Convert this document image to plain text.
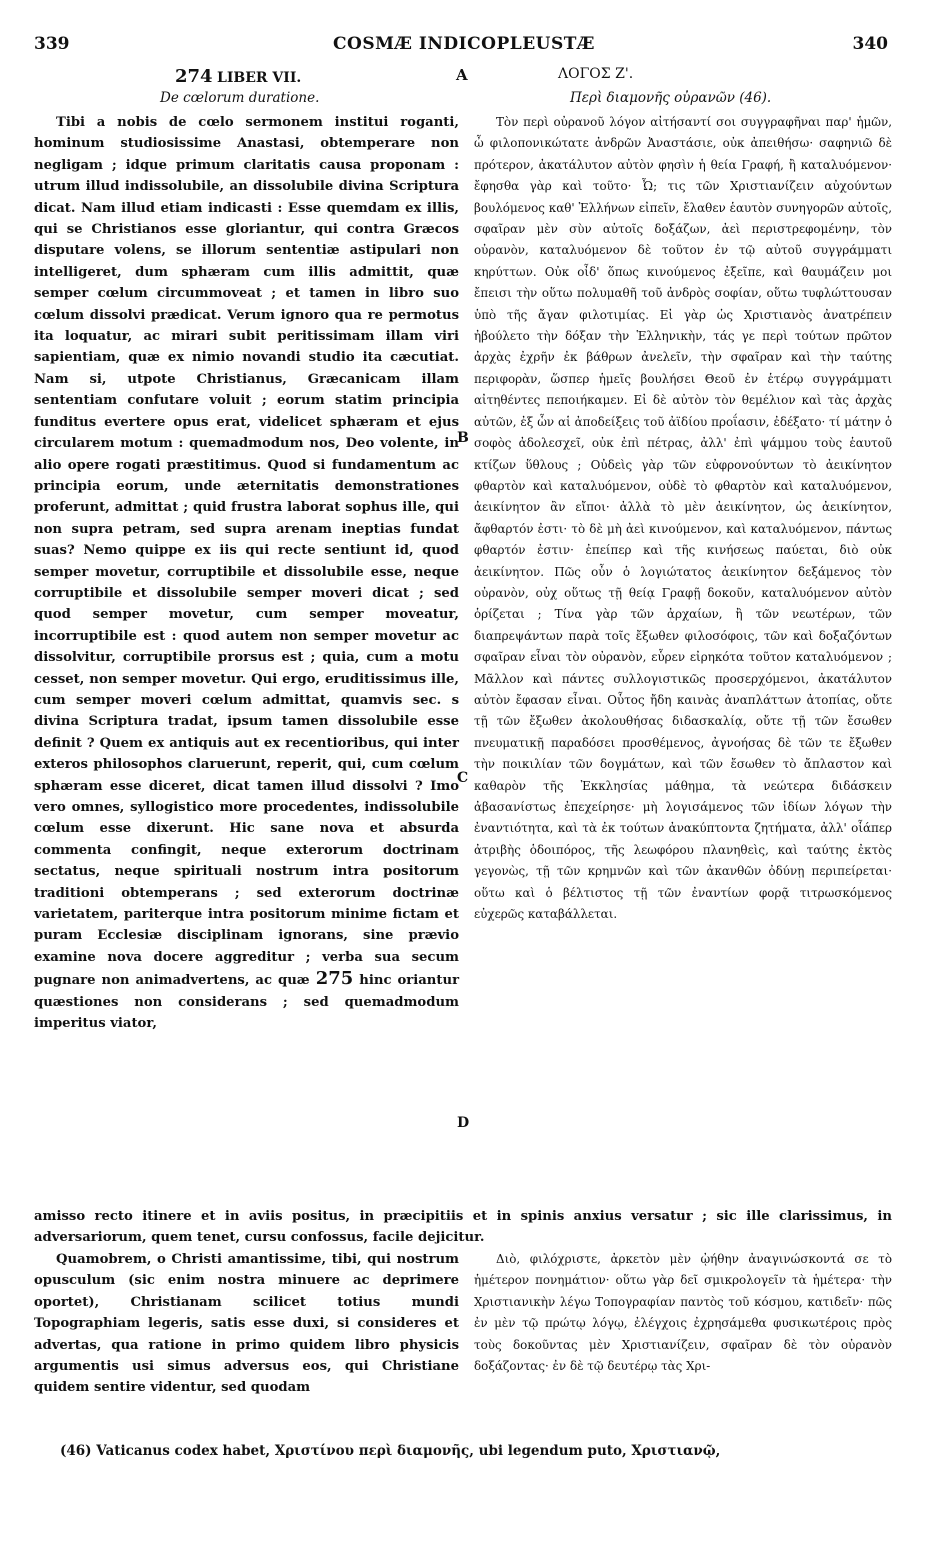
339	COSMÆ INDICOPLEUSTÆ	340
274 LIBER VII.	A	ΛΟΓΟΣ Ζ'.
De cœlorum duratione.	Περὶ διαμονῆς οὐρανῶν (46).

Tibi a nobis de cœlo sermonem institui roganti, hominum studiosissime Anastasi, obtemperare non negligam ; idque primum claritatis causa proponam : utrum illud indissolubile, an dissolubile divina Scriptura dicat. Nam illud etiam indicasti : Esse quemdam ex illis, qui se Christianos esse gloriantur, qui contra Græcos disputare volens, se illorum sententiæ astipulari non intelligeret, dum sphæram cum illis admittit, quæ semper cœlum circummoveat ; et tamen in libro suo cœlum dissolvi prædicat. Verum ignoro qua re permotus ita loquatur, ac mirari subit peritissimam illam viri sapientiam, quæ ex nimio novandi studio ita cæcutiat. Nam si, utpote Christianus, Græcanicam illam sententiam confutare voluit ; eorum statim principia funditus evertere opus erat, videlicet sphæram et ejus circularem motum : quemadmodum nos, Deo volente, in alio opere rogati præstitimus. Quod si fundamentum ac principia eorum, unde æternitatis demonstrationes proferunt, admittat ; quid frustra laborat sophus ille, qui non supra petram, sed supra arenam ineptias fundat suas? Nemo quippe ex iis qui recte sentiunt id, quod semper movetur, corruptibile et dissolubile esse, neque corruptibile et dissolubile semper moveri dicat ; sed quod semper movetur, cum semper moveatur, incorruptibile est : quod autem non semper movetur ac dissolvitur, corruptibile prorsus est ; quia, cum a motu cesset, non semper movetur. Qui ergo, eruditissimus ille, cum semper moveri cœlum admittat, quamvis sec. s divina Scriptura tradat, ipsum tamen dissolubile esse definit ? Quem ex antiquis aut ex recentioribus, qui inter exteros philosophos claruerunt, reperit, qui, cum cœlum sphæram esse diceret, dicat tamen illud dissolvi ? Imo vero omnes, syllogistico more procedentes, indissolubile cœlum esse dixerunt. Hic sane nova et absurda commenta confingit, neque exterorum doctrinam sectatus, neque spirituali nostrum intra positorum traditioni obtemperans ; sed exterorum doctrinæ varietatem, pariterque intra positorum minime fictam et puram Ecclesiæ disciplinam ignorans, sine prævio examine nova docere aggreditur ; verba sua secum pugnare non animadvertens, ac quæ 275 hinc oriantur quæstiones non considerans ; sed quemadmodum imperitus viator,

B
C
D

Τὸν περὶ οὐρανοῦ λόγον αἰτήσαντί σοι συγγραφῆναι παρ' ἡμῶν, ὦ φιλοπονικώτατε ἀνδρῶν Ἀναστάσιε, οὐκ ἀπειθήσω· σαφηνιῶ δὲ πρότερον, ἀκατάλυτον αὐτὸν φησὶν ἡ θεία Γραφή, ἢ καταλυόμενον· ἔφησθα γὰρ καὶ τοῦτο· Ὦ; τις τῶν Χριστιανίζειν αὐχούντων βουλόμενος καθ' Ἑλλήνων εἰπεῖν, ἔλαθεν ἑαυτὸν συνηγορῶν αὐτοῖς, σφαῖραν μὲν σὺν αὐτοῖς δοξάζων, ἀεὶ περιστρεφομένην, τὸν οὐρανὸν, καταλυόμενον δὲ τοῦτον ἐν τῷ αὐτοῦ συγγράμματι κηρύττων. Οὐκ οἶδ' ὅπως κινούμενος ἐξεῖπε, καὶ θαυμάζειν μοι ἔπεισι τὴν οὕτω πολυμαθῆ τοῦ ἀνδρὸς σοφίαν, οὕτω τυφλώττουσαν ὑπὸ τῆς ἄγαν φιλοτιμίας. Εἰ γὰρ ὡς Χριστιανὸς ἀνατρέπειν ἠβούλετο τὴν δόξαν τὴν Ἑλληνικὴν, τάς γε περὶ τούτων πρῶτον ἀρχὰς ἐχρῆν ἐκ βάθρων ἀνελεῖν, τὴν σφαῖραν καὶ τὴν ταύτης περιφορὰν, ὥσπερ ἡμεῖς βουλήσει Θεοῦ ἐν ἑτέρῳ συγγράμματι αἰτηθέντες πεποιήκαμεν. Εἰ δὲ αὐτὸν τὸν θεμέλιον καὶ τὰς ἀρχὰς αὐτῶν, ἐξ ὧν αἱ ἀποδείξεις τοῦ ἀϊδίου προΐασιν, ἐδέξατο· τί μάτην ὁ σοφὸς ἀδολεσχεῖ, οὐκ ἐπὶ πέτρας, ἀλλ' ἐπὶ ψάμμου τοὺς ἑαυτοῦ κτίζων ὕθλους ; Οὐδεὶς γὰρ τῶν εὐφρονούντων τὸ ἀεικίνητον φθαρτὸν καὶ καταλυόμενον, οὐδὲ τὸ φθαρτὸν καὶ καταλυόμενον, ἀεικίνητον ἂν εἴποι· ἀλλὰ τὸ μὲν ἀεικίνητον, ὡς ἀεικίνητον, ἄφθαρτόν ἐστι· τὸ δὲ μὴ ἀεὶ κινούμενον, καὶ καταλυόμενον, πάντως φθαρτόν ἐστιν· ἐπείπερ καὶ τῆς κινήσεως παύεται, διὸ οὐκ ἀεικίνητον. Πῶς οὖν ὁ λογιώτατος ἀεικίνητον δεξάμενος τὸν οὐρανὸν, οὐχ οὕτως τῇ θείᾳ Γραφῇ δοκοῦν, καταλυόμενον αὐτὸν ὁρίζεται ; Τίνα γὰρ τῶν ἀρχαίων, ἢ τῶν νεωτέρων, τῶν διαπρεψάντων παρὰ τοῖς ἔξωθεν φιλοσόφοις, τῶν καὶ δοξαζόντων σφαῖραν εἶναι τὸν οὐρανὸν, εὗρεν εἰρηκότα τοῦτον καταλυόμενον ; Μᾶλλον καὶ πάντες συλλογιστικῶς προσερχόμενοι, ἀκατάλυτον αὐτὸν ἔφασαν εἶναι. Οὗτος ἤδη καινὰς ἀναπλάττων ἀτοπίας, οὔτε τῇ τῶν ἔξωθεν ἀκολουθήσας διδασκαλίᾳ, οὔτε τῇ τῶν ἔσωθεν πνευματικῇ παραδόσει προσθέμενος, ἀγνοήσας δὲ τῶν τε ἔξωθεν τὴν ποικιλίαν τῶν δογμάτων, καὶ τῶν ἔσωθεν τὸ ἄπλαστον καὶ καθαρὸν τῆς Ἐκκλησίας μάθημα, τὰ νεώτερα διδάσκειν ἀβασανίστως ἐπεχείρησε· μὴ λογισάμενος τῶν ἰδίων λόγων τὴν ἐναντιότητα, καὶ τὰ ἐκ τούτων ἀνακύπτοντα ζητήματα, ἀλλ' οἷάπερ ἀτριβὴς ὁδοιπόρος, τῆς λεωφόρου πλανηθεὶς, καὶ ταύτης ἐκτὸς γεγονὼς, τῇ τῶν κρημνῶν καὶ τῶν ἀκανθῶν ὀδύνῃ περιπείρεται· οὕτω καὶ ὁ βέλτιστος τῇ τῶν ἐναντίων φορᾷ τιτρωσκόμενος εὐχερῶς καταβάλλεται.

amisso recto itinere et in aviis positus, in præcipitiis et in spinis anxius versatur ; sic ille clarissimus, in adversariorum, quem tenet, cursu confossus, facile dejicitur.

Quamobrem, o Christi amantissime, tibi, qui nostrum opusculum (sic enim nostra minuere ac deprimere oportet), Christianam scilicet totius mundi Topographiam legeris, satis esse duxi, si consideres et advertas, qua ratione in primo quidem libro physicis argumentis usi simus adversus eos, qui Christiane quidem sentire videntur, sed quodam

Διὸ, φιλόχριστε, ἀρκετὸν μὲν ᾠήθην ἀναγινώσκοντά σε τὸ ἡμέτερον πονημάτιον· οὕτω γὰρ δεῖ σμικρολογεῖν τὰ ἡμέτερα· τὴν Χριστιανικὴν λέγω Τοπογραφίαν παντὸς τοῦ κόσμου, κατιδεῖν· πῶς ἐν μὲν τῷ πρώτῳ λόγῳ, ἐλέγχοις ἐχρησάμεθα φυσικωτέροις πρὸς τοὺς δοκοῦντας μὲν Χριστιανίζειν, σφαῖραν δὲ τὸν οὐρανὸν δοξάζοντας· ἐν δὲ τῷ δευτέρῳ τὰς Χρι-

(46) Vaticanus codex habet, Χριστίνου περὶ διαμονῆς, ubi legendum puto, Χριστιανῷ,
